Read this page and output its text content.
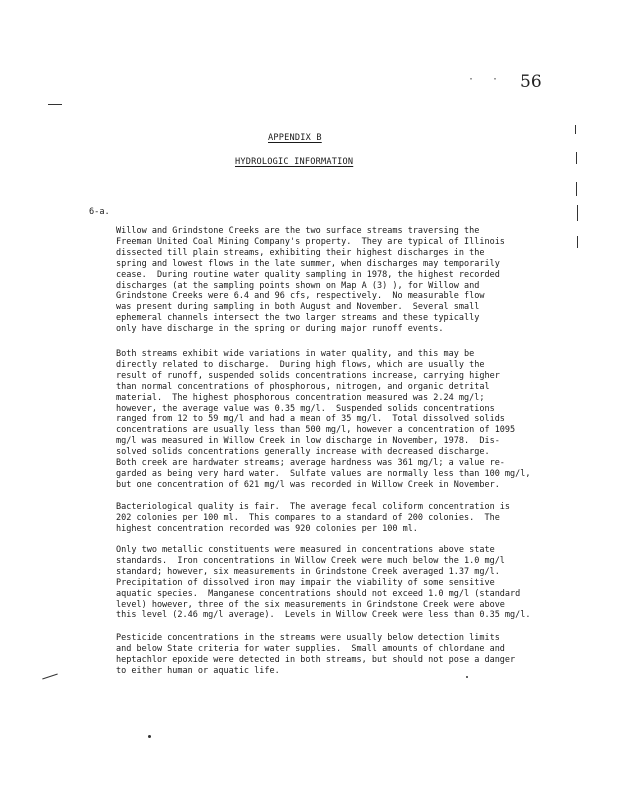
· · 56
APPENDIX B
HYDROLOGIC INFORMATION
6-a.
Willow and Grindstone Creeks are the two surface streams traversing the
Freeman United Coal Mining Company's property.  They are typical of Illinois
dissected till plain streams, exhibiting their highest discharges in the
spring and lowest flows in the late summer, when discharges may temporarily
cease.  During routine water quality sampling in 1978, the highest recorded
discharges (at the sampling points shown on Map A (3) ), for Willow and
Grindstone Creeks were 6.4 and 96 cfs, respectively.  No measurable flow
was present during sampling in both August and November.  Several small
ephemeral channels intersect the two larger streams and these typically
only have discharge in the spring or during major runoff events.
Both streams exhibit wide variations in water quality, and this may be
directly related to discharge.  During high flows, which are usually the
result of runoff, suspended solids concentrations increase, carrying higher
than normal concentrations of phosphorous, nitrogen, and organic detrital
material.  The highest phosphorous concentration measured was 2.24 mg/l;
however, the average value was 0.35 mg/l.  Suspended solids concentrations
ranged from 12 to 59 mg/l and had a mean of 35 mg/l.  Total dissolved solids
concentrations are usually less than 500 mg/l, however a concentration of 1095
mg/l was measured in Willow Creek in low discharge in November, 1978.  Dis-
solved solids concentrations generally increase with decreased discharge.
Both creek are hardwater streams; average hardness was 361 mg/l; a value re-
garded as being very hard water.  Sulfate values are normally less than 100 mg/l,
but one concentration of 621 mg/l was recorded in Willow Creek in November.
Bacteriological quality is fair.  The average fecal coliform concentration is
202 colonies per 100 ml.  This compares to a standard of 200 colonies.  The
highest concentration recorded was 920 colonies per 100 ml.
Only two metallic constituents were measured in concentrations above state
standards.  Iron concentrations in Willow Creek were much below the 1.0 mg/l
standard; however, six measurements in Grindstone Creek averaged 1.37 mg/l.
Precipitation of dissolved iron may impair the viability of some sensitive
aquatic species.  Manganese concentrations should not exceed 1.0 mg/l (standard
level) however, three of the six measurements in Grindstone Creek were above
this level (2.46 mg/l average).  Levels in Willow Creek were less than 0.35 mg/l.
Pesticide concentrations in the streams were usually below detection limits
and below State criteria for water supplies.  Small amounts of chlordane and
heptachlor epoxide were detected in both streams, but should not pose a danger
to either human or aquatic life.
